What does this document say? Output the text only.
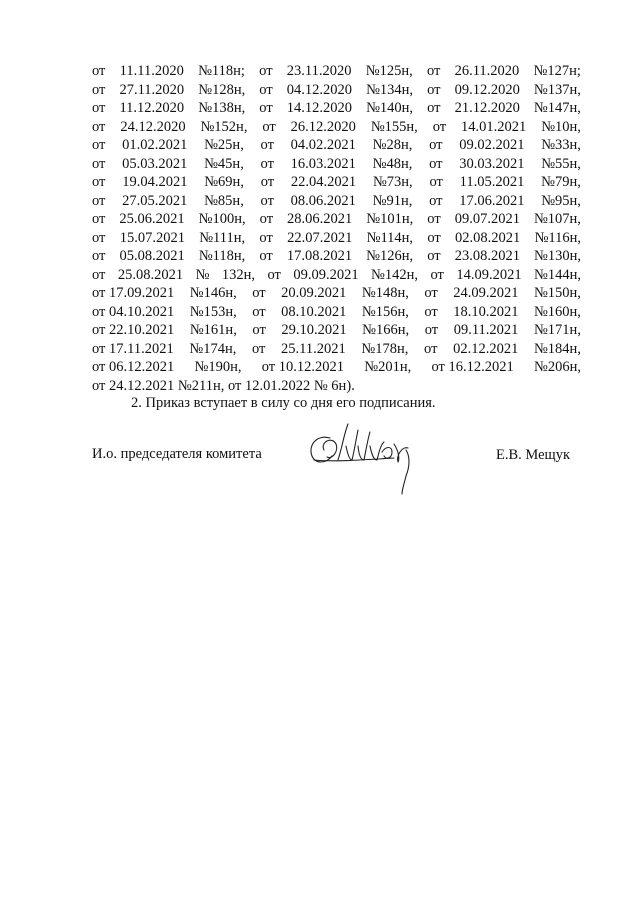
от 11.11.2020 №118н; от 23.11.2020 №125н, от 26.11.2020 №127н;
от 27.11.2020 №128н, от 04.12.2020 №134н, от 09.12.2020 №137н,
от 11.12.2020 №138н, от 14.12.2020 №140н, от 21.12.2020 №147н,
от 24.12.2020 №152н, от 26.12.2020 №155н, от 14.01.2021 №10н,
от 01.02.2021 №25н, от 04.02.2021 №28н, от 09.02.2021 №33н,
от 05.03.2021 №45н, от 16.03.2021 №48н, от 30.03.2021 №55н,
от 19.04.2021 №69н, от 22.04.2021 №73н, от 11.05.2021 №79н,
от 27.05.2021 №85н, от 08.06.2021 №91н, от 17.06.2021 №95н,
от 25.06.2021 №100н, от 28.06.2021 №101н, от 09.07.2021 №107н,
от 15.07.2021 №111н, от 22.07.2021 №114н, от 02.08.2021 №116н,
от 05.08.2021 №118н, от 17.08.2021 №126н, от 23.08.2021 №130н,
от 25.08.2021 № 132н, от 09.09.2021 №142н, от 14.09.2021 №144н,
от 17.09.2021 №146н, от 20.09.2021 №148н, от 24.09.2021 №150н,
от 04.10.2021 №153н, от 08.10.2021 №156н, от 18.10.2021 №160н,
от 22.10.2021 №161н, от 29.10.2021 №166н, от 09.11.2021 №171н,
от 17.11.2021 №174н, от 25.11.2021 №178н, от 02.12.2021 №184н,
от 06.12.2021 №190н, от 10.12.2021 №201н, от 16.12.2021 №206н,
от 24.12.2021 №211н, от 12.01.2022 № 6н).
2. Приказ вступает в силу со дня его подписания.
И.о. председателя комитета	Е.В. Мещук
